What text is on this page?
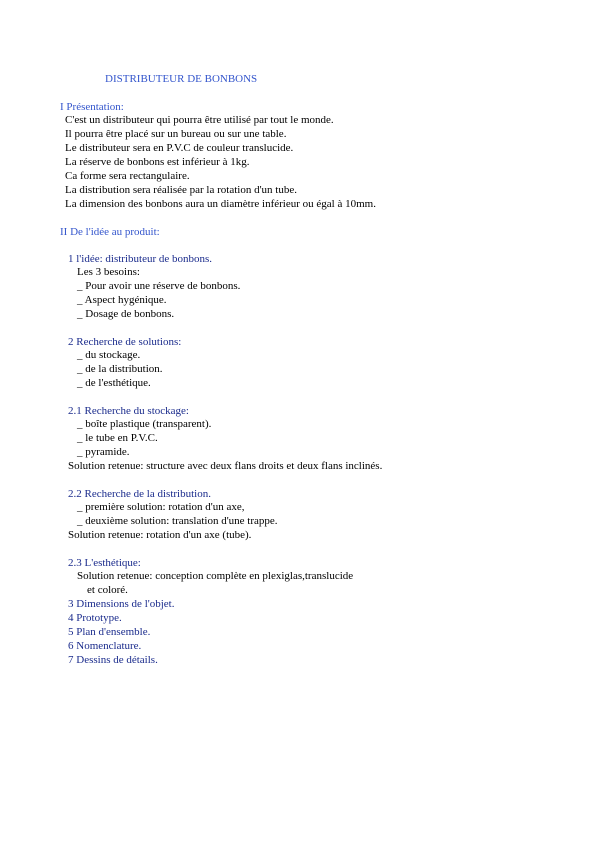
DISTRIBUTEUR DE BONBONS
I Présentation:
C'est un distributeur qui pourra être utilisé par tout le monde.
Il pourra être placé sur un bureau ou sur une table.
Le distributeur sera en P.V.C de couleur translucide.
La réserve de bonbons est inférieur à 1kg.
Ca forme sera rectangulaire.
La distribution sera réalisée par la rotation d'un tube.
La dimension des bonbons aura un diamètre inférieur ou égal à 10mm.
II De l'idée au produit:
1 l'idée: distributeur de bonbons.
Les 3 besoins:
_ Pour avoir une réserve de bonbons.
_ Aspect hygénique.
_ Dosage de bonbons.
2 Recherche de solutions:
_ du stockage.
_ de la distribution.
_ de l'esthétique.
2.1 Recherche du stockage:
_ boîte plastique (transparent).
_ le tube en P.V.C.
_ pyramide.
Solution retenue: structure avec deux flans droits et deux flans inclinés.
2.2 Recherche de la distribution.
_ première solution: rotation d'un axe,
_ deuxième solution: translation d'une trappe.
Solution retenue: rotation d'un axe (tube).
2.3 L'esthétique:
Solution retenue: conception complète en plexiglas,translucide
et coloré.
3 Dimensions de l'objet.
4 Prototype.
5 Plan d'ensemble.
6 Nomenclature.
7 Dessins de détails.
